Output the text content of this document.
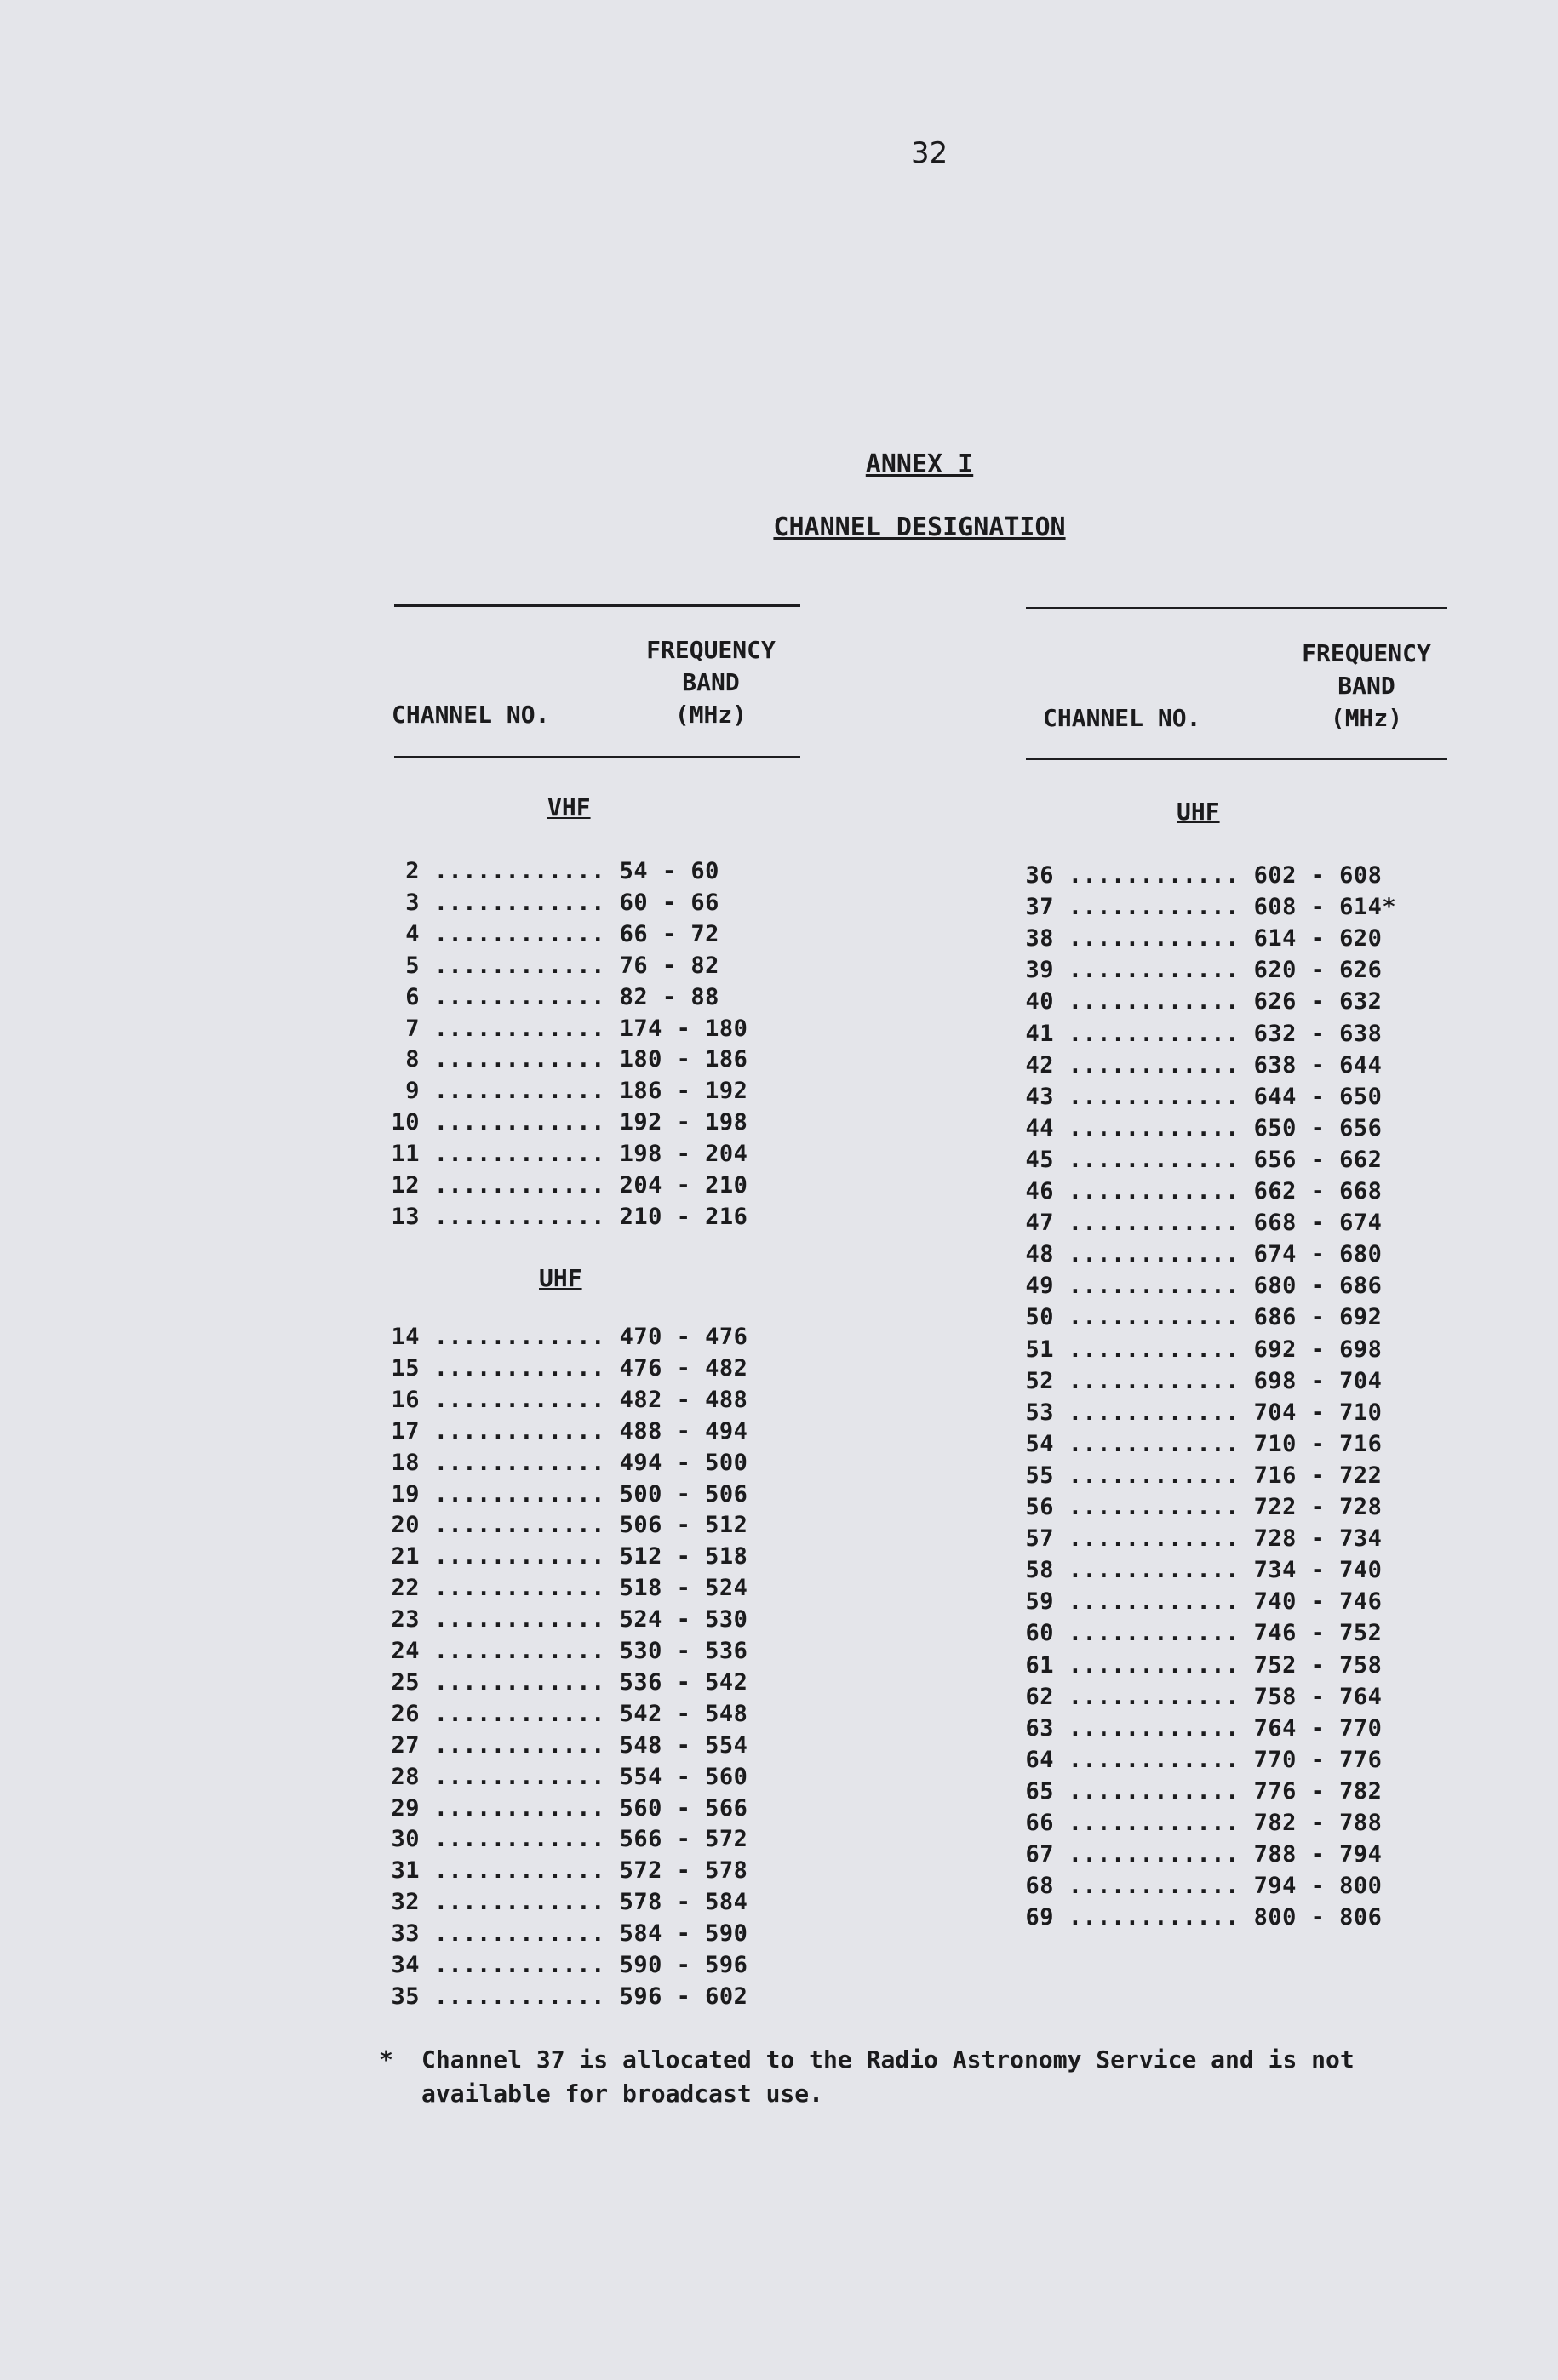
32
ANNEX I
CHANNEL DESIGNATION
FREQUENCY
BAND
(MHz)
CHANNEL NO.
FREQUENCY
BAND
(MHz)
CHANNEL NO.
VHF
UHF
UHF
2 ............ 54 - 60
3 ............ 60 - 66
4 ............ 66 - 72
5 ............ 76 - 82
6 ............ 82 - 88
7 ............ 174 - 180
8 ............ 180 - 186
9 ............ 186 - 192
10 ............ 192 - 198
11 ............ 198 - 204
12 ............ 204 - 210
13 ............ 210 - 216
14 ............ 470 - 476
15 ............ 476 - 482
16 ............ 482 - 488
17 ............ 488 - 494
18 ............ 494 - 500
19 ............ 500 - 506
20 ............ 506 - 512
21 ............ 512 - 518
22 ............ 518 - 524
23 ............ 524 - 530
24 ............ 530 - 536
25 ............ 536 - 542
26 ............ 542 - 548
27 ............ 548 - 554
28 ............ 554 - 560
29 ............ 560 - 566
30 ............ 566 - 572
31 ............ 572 - 578
32 ............ 578 - 584
33 ............ 584 - 590
34 ............ 590 - 596
35 ............ 596 - 602
36 ............ 602 - 608
37 ............ 608 - 614*
38 ............ 614 - 620
39 ............ 620 - 626
40 ............ 626 - 632
41 ............ 632 - 638
42 ............ 638 - 644
43 ............ 644 - 650
44 ............ 650 - 656
45 ............ 656 - 662
46 ............ 662 - 668
47 ............ 668 - 674
48 ............ 674 - 680
49 ............ 680 - 686
50 ............ 686 - 692
51 ............ 692 - 698
52 ............ 698 - 704
53 ............ 704 - 710
54 ............ 710 - 716
55 ............ 716 - 722
56 ............ 722 - 728
57 ............ 728 - 734
58 ............ 734 - 740
59 ............ 740 - 746
60 ............ 746 - 752
61 ............ 752 - 758
62 ............ 758 - 764
63 ............ 764 - 770
64 ............ 770 - 776
65 ............ 776 - 782
66 ............ 782 - 788
67 ............ 788 - 794
68 ............ 794 - 800
69 ............ 800 - 806
* Channel 37 is allocated to the Radio Astronomy Service and is not available for broadcast use.
